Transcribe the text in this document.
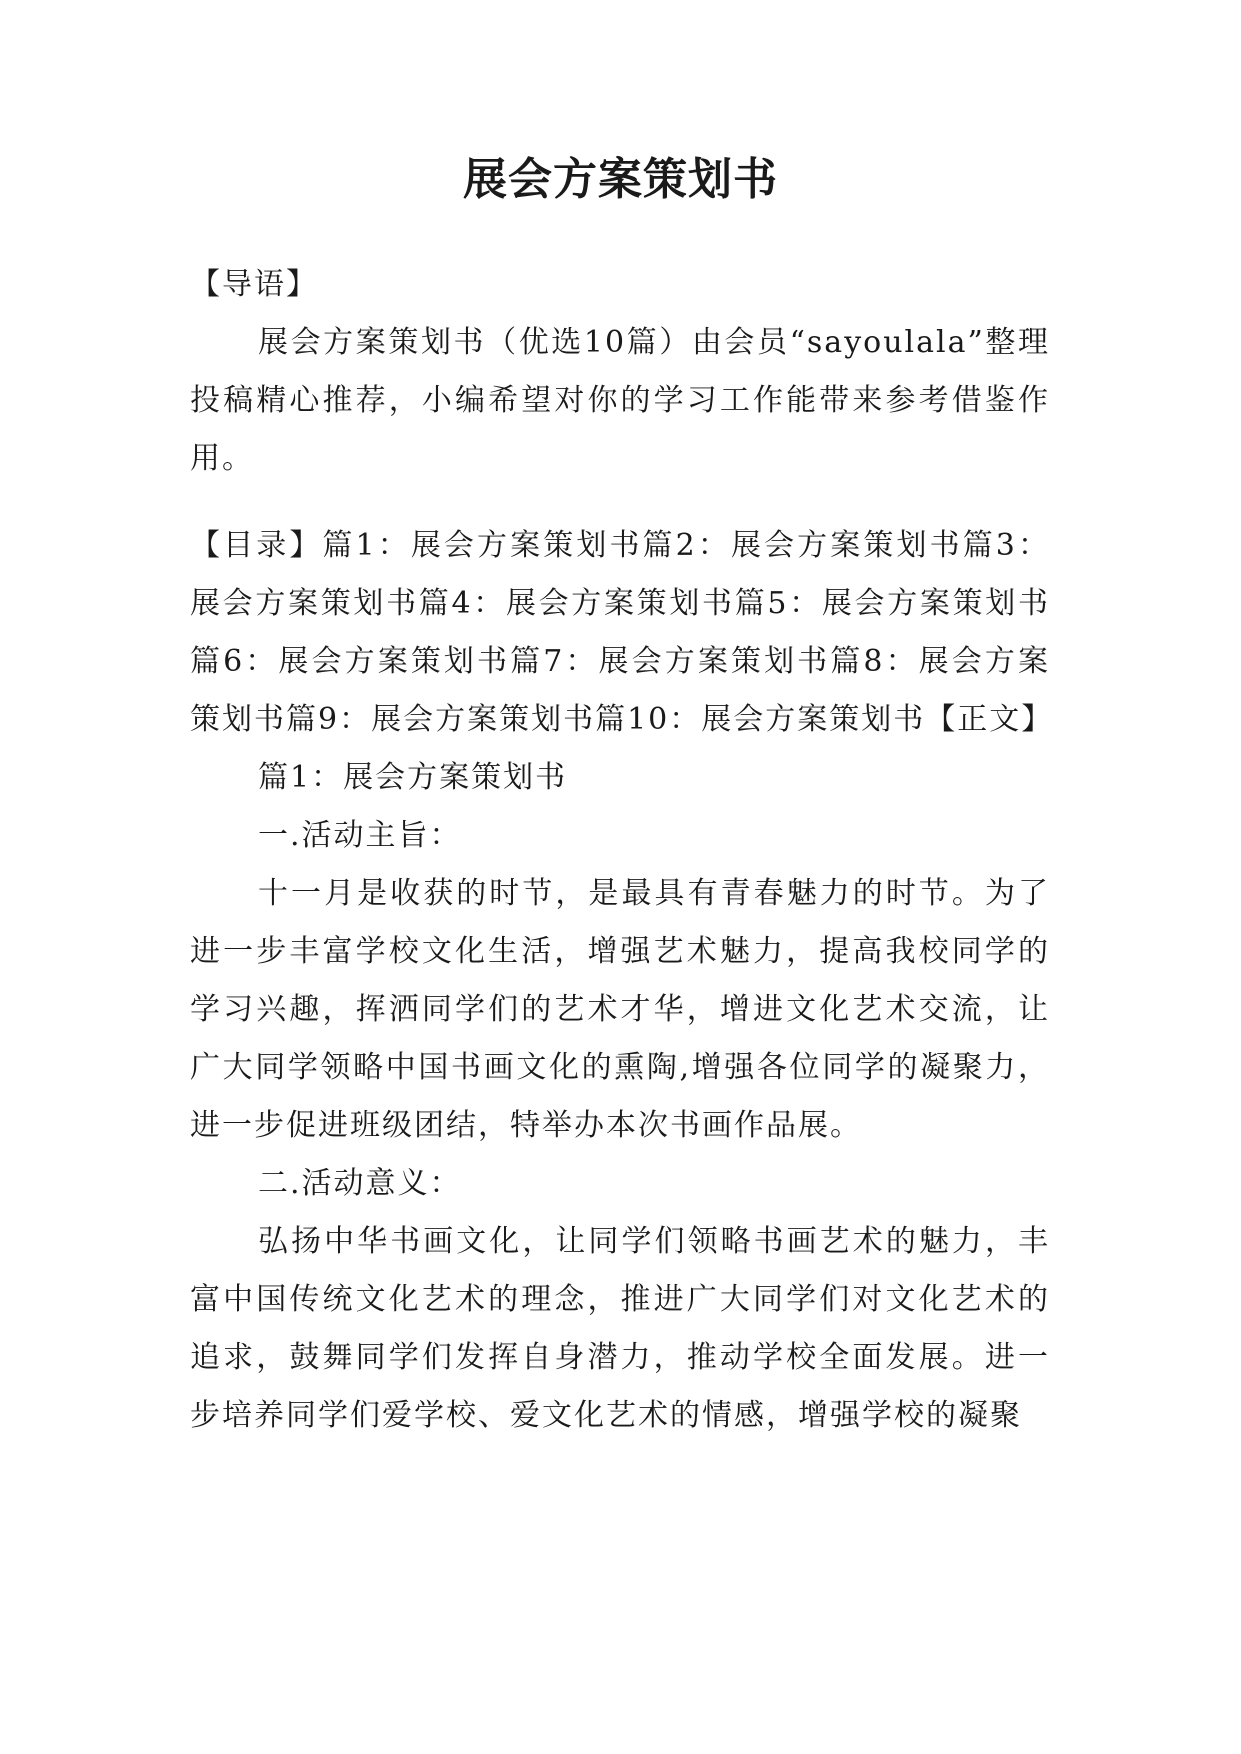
展会方案策划书

【导语】

展会方案策划书（优选10篇）由会员“sayoulala”整理投稿精心推荐，小编希望对你的学习工作能带来参考借鉴作用。

【目录】篇1：展会方案策划书篇2：展会方案策划书篇3：展会方案策划书篇4：展会方案策划书篇5：展会方案策划书篇6：展会方案策划书篇7：展会方案策划书篇8：展会方案策划书篇9：展会方案策划书篇10：展会方案策划书【正文】

篇1：展会方案策划书

一.活动主旨：

十一月是收获的时节，是最具有青春魅力的时节。为了进一步丰富学校文化生活，增强艺术魅力，提高我校同学的学习兴趣，挥洒同学们的艺术才华，增进文化艺术交流，让广大同学领略中国书画文化的熏陶,增强各位同学的凝聚力，进一步促进班级团结，特举办本次书画作品展。

二.活动意义：

弘扬中华书画文化，让同学们领略书画艺术的魅力，丰富中国传统文化艺术的理念，推进广大同学们对文化艺术的追求，鼓舞同学们发挥自身潜力，推动学校全面发展。进一步培养同学们爱学校、爱文化艺术的情感，增强学校的凝聚
